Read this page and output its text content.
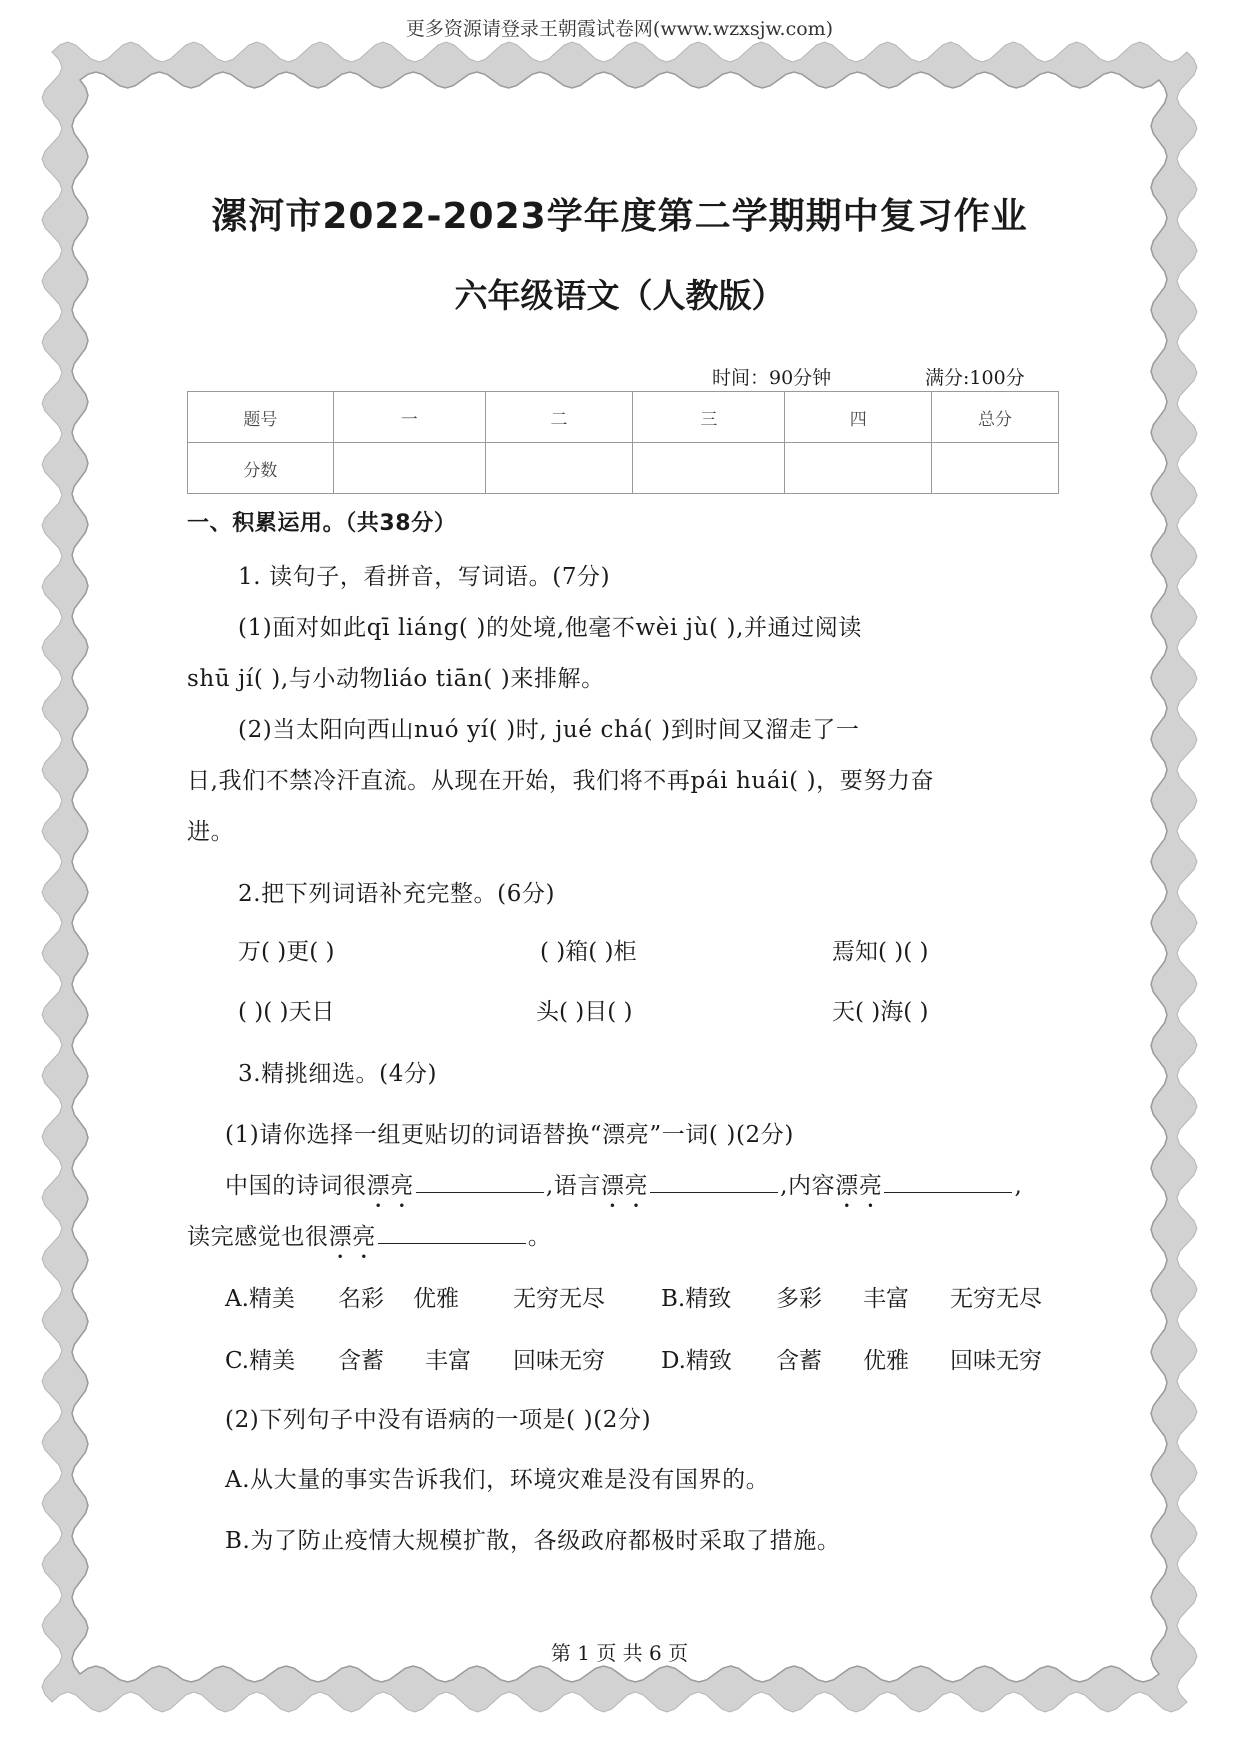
更多资源请登录王朝霞试卷网(www.wzxsjw.com)
漯河市2022-2023学年度第二学期期中复习作业
六年级语文（人教版）
时间：90分钟	满分:100分
题号	一	二	三	四	总分
分数					
一、积累运用。（共38分）
1. 读句子，看拼音，写词语。(7分)
(1)面对如此qī liáng( )的处境,他毫不wèi jù( ),并通过阅读
shū jí( ),与小动物liáo tiān( )来排解。
(2)当太阳向西山nuó yí( )时, jué chá( )到时间又溜走了一
日,我们不禁冷汗直流。从现在开始，我们将不再pái huái( )，要努力奋
进。
2.把下列词语补充完整。(6分)
万( )更( )	( )箱( )柜	焉知( )( )
( )( )天日	头( )目( )	天( )海( )
3.精挑细选。(4分)
(1)请你选择一组更贴切的词语替换“漂亮”一词( )(2分)
中国的诗词很漂亮	,语言漂亮	,内容漂亮	,
读完感觉也很漂亮	。
A.精美 名彩 优雅 无穷无尽 B.精致 多彩 丰富 无穷无尽
C.精美 含蓄 丰富 回味无穷 D.精致 含蓄 优雅 回味无穷
(2)下列句子中没有语病的一项是( )(2分)
A.从大量的事实告诉我们，环境灾难是没有国界的。
B.为了防止疫情大规模扩散，各级政府都极时采取了措施。
第 1 页 共 6 页
